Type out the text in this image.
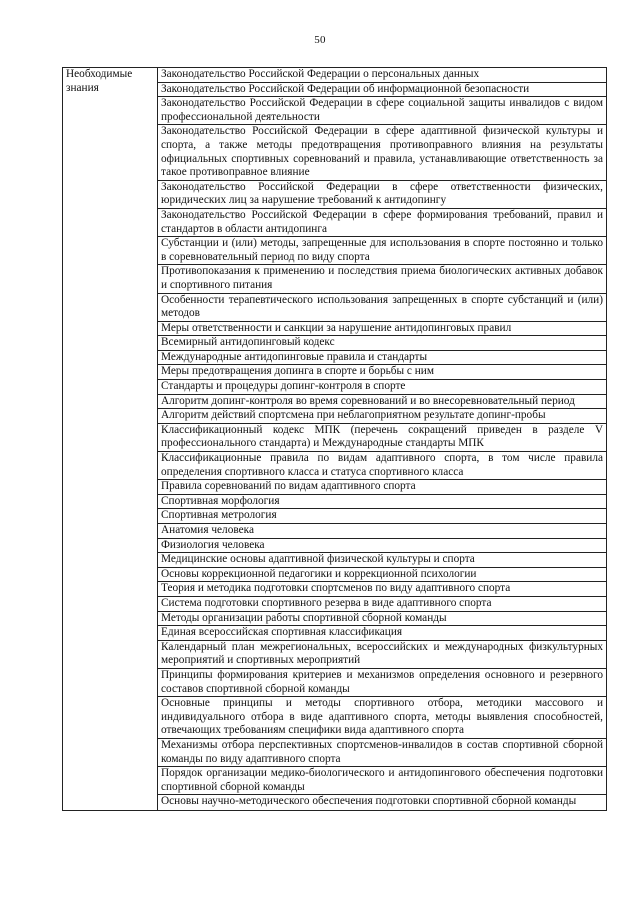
50
Необходимые знания	Законодательство Российской Федерации о персональных данных
Законодательство Российской Федерации об информационной безопасности
Законодательство Российской Федерации в сфере социальной защиты инвалидов с видом профессиональной деятельности
Законодательство Российской Федерации в сфере адаптивной физической культуры и спорта, а также методы предотвращения противоправного влияния на результаты официальных спортивных соревнований и правила, устанавливающие ответственность за такое противоправное влияние
Законодательство Российской Федерации в сфере ответственности физических, юридических лиц за нарушение требований к антидопингу
Законодательство Российской Федерации в сфере формирования требований, правил и стандартов в области антидопинга
Субстанции и (или) методы, запрещенные для использования в спорте постоянно и только в соревновательный период по виду спорта
Противопоказания к применению и последствия приема биологических активных добавок и спортивного питания
Особенности терапевтического использования запрещенных в спорте субстанций и (или) методов
Меры ответственности и санкции за нарушение антидопинговых правил
Всемирный антидопинговый кодекс
Международные антидопинговые правила и стандарты
Меры предотвращения допинга в спорте и борьбы с ним
Стандарты и процедуры допинг-контроля в спорте
Алгоритм допинг-контроля во время соревнований и во внесоревновательный период
Алгоритм действий спортсмена при неблагоприятном результате допинг-пробы
Классификационный кодекс МПК (перечень сокращений приведен в разделе V профессионального стандарта) и Международные стандарты МПК
Классификационные правила по видам адаптивного спорта, в том числе правила определения спортивного класса и статуса спортивного класса
Правила соревнований по видам адаптивного спорта
Спортивная морфология
Спортивная метрология
Анатомия человека
Физиология человека
Медицинские основы адаптивной физической культуры и спорта
Основы коррекционной педагогики и коррекционной психологии
Теория и методика подготовки спортсменов по виду адаптивного спорта
Система подготовки спортивного резерва в виде адаптивного спорта
Методы организации работы спортивной сборной команды
Единая всероссийская спортивная классификация
Календарный план межрегиональных, всероссийских и международных физкультурных мероприятий и спортивных мероприятий
Принципы формирования критериев и механизмов определения основного и резервного составов спортивной сборной команды
Основные принципы и методы спортивного отбора, методики массового и индивидуального отбора в виде адаптивного спорта, методы выявления способностей, отвечающих требованиям специфики вида адаптивного спорта
Механизмы отбора перспективных спортсменов-инвалидов в состав спортивной сборной команды по виду адаптивного спорта
Порядок организации медико-биологического и антидопингового обеспечения подготовки спортивной сборной команды
Основы научно-методического обеспечения подготовки спортивной сборной команды
